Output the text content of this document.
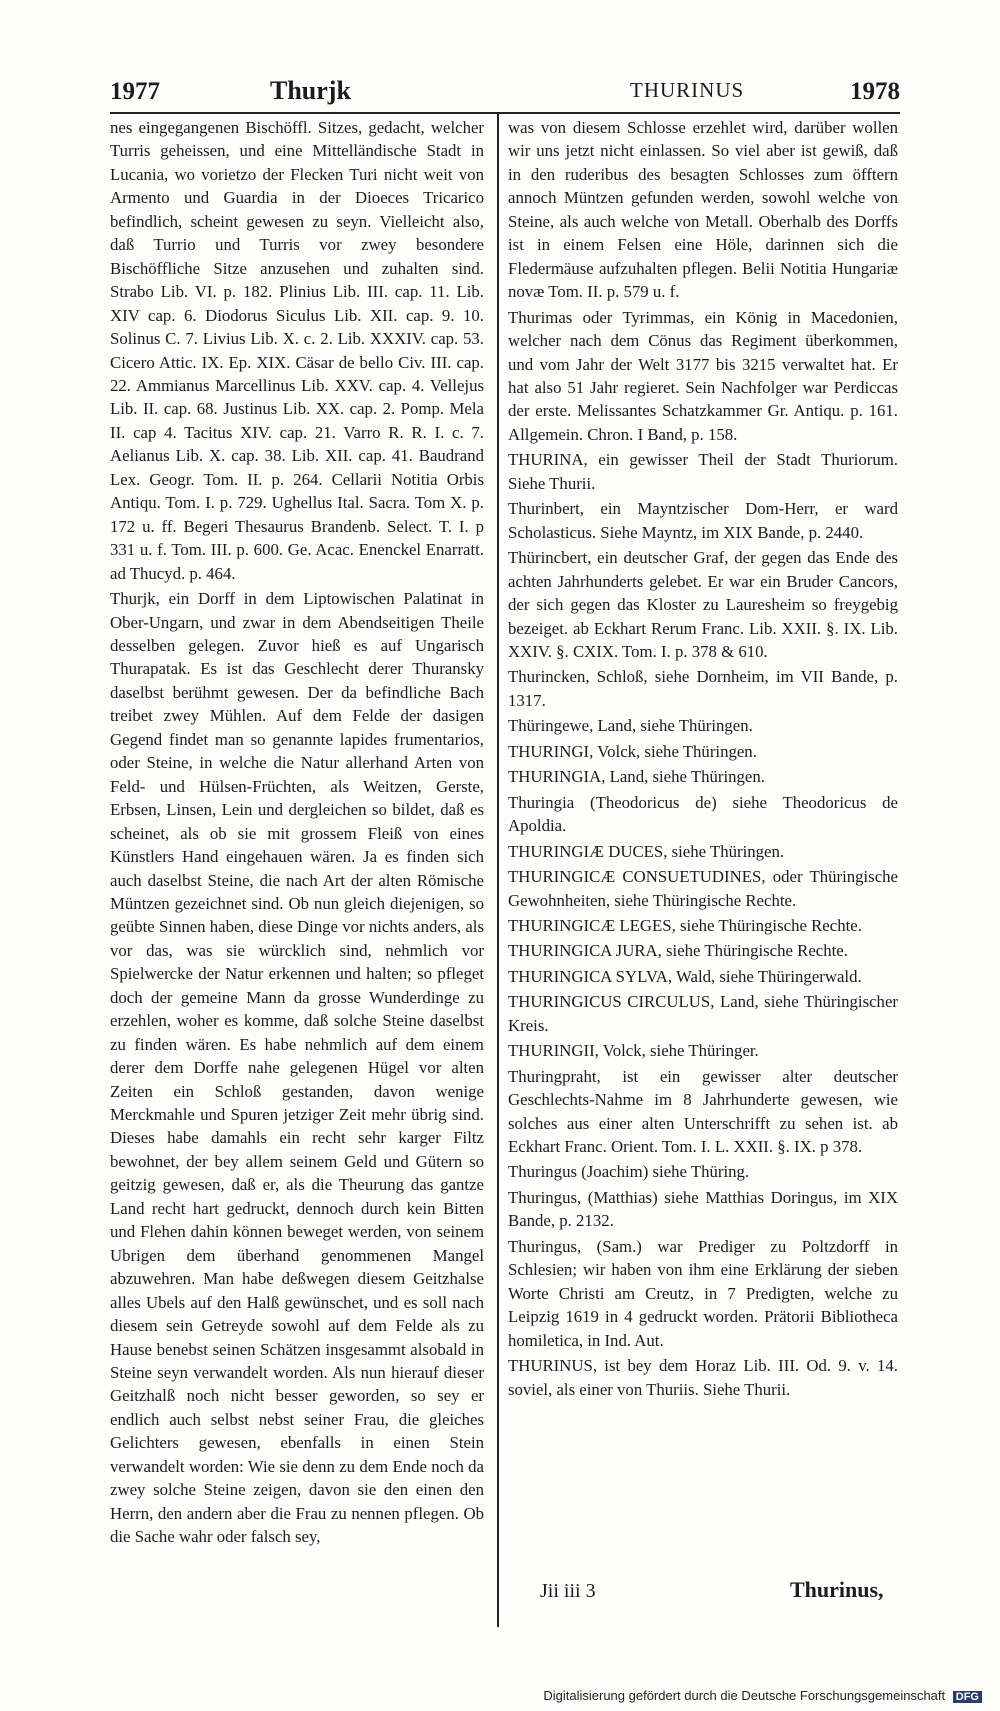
1977	Thurjk	THURINUS	1978

nes eingegangenen Bischöffl. Sitzes, gedacht, welcher Turris geheissen, und eine Mittelländische Stadt in Lucania, wo vorietzo der Flecken Turi nicht weit von Armento und Guardia in der Dioeces Tricarico befindlich, scheint gewesen zu seyn. Vielleicht also, daß Turrio und Turris vor zwey besondere Bischöffliche Sitze anzusehen und zuhalten sind. Strabo Lib. VI. p. 182. Plinius Lib. III. cap. 11. Lib. XIV cap. 6. Diodorus Siculus Lib. XII. cap. 9. 10. Solinus C. 7. Livius Lib. X. c. 2. Lib. XXXIV. cap. 53. Cicero Attic. IX. Ep. XIX. Cäsar de bello Civ. III. cap. 22. Ammianus Marcellinus Lib. XXV. cap. 4. Vellejus Lib. II. cap. 68. Justinus Lib. XX. cap. 2. Pomp. Mela II. cap 4. Tacitus XIV. cap. 21. Varro R. R. I. c. 7. Aelianus Lib. X. cap. 38. Lib. XII. cap. 41. Baudrand Lex. Geogr. Tom. II. p. 264. Cellarii Notitia Orbis Antiqu. Tom. I. p. 729. Ughellus Ital. Sacra. Tom X. p. 172 u. ff. Begeri Thesaurus Brandenb. Select. T. I. p 331 u. f. Tom. III. p. 600. Ge. Acac. Enenckel Enarratt. ad Thucyd. p. 464.

Thurjk, ein Dorff in dem Liptowischen Palatinat in Ober-Ungarn, und zwar in dem Abendseitigen Theile desselben gelegen. Zuvor hieß es auf Ungarisch Thurapatak. Es ist das Geschlecht derer Thuransky daselbst berühmt gewesen. Der da befindliche Bach treibet zwey Mühlen. Auf dem Felde der dasigen Gegend findet man so genannte lapides frumentarios, oder Steine, in welche die Natur allerhand Arten von Feld- und Hülsen-Früchten, als Weitzen, Gerste, Erbsen, Linsen, Lein und dergleichen so bildet, daß es scheinet, als ob sie mit grossem Fleiß von eines Künstlers Hand eingehauen wären. Ja es finden sich auch daselbst Steine, die nach Art der alten Römische Müntzen gezeichnet sind. Ob nun gleich diejenigen, so geübte Sinnen haben, diese Dinge vor nichts anders, als vor das, was sie würcklich sind, nehmlich vor Spielwercke der Natur erkennen und halten; so pfleget doch der gemeine Mann da grosse Wunderdinge zu erzehlen, woher es komme, daß solche Steine daselbst zu finden wären. Es habe nehmlich auf dem einem derer dem Dorffe nahe gelegenen Hügel vor alten Zeiten ein Schloß gestanden, davon wenige Merckmahle und Spuren jetziger Zeit mehr übrig sind. Dieses habe damahls ein recht sehr karger Filtz bewohnet, der bey allem seinem Geld und Gütern so geitzig gewesen, daß er, als die Theurung das gantze Land recht hart gedruckt, dennoch durch kein Bitten und Flehen dahin können beweget werden, von seinem Ubrigen dem überhand genommenen Mangel abzuwehren. Man habe deßwegen diesem Geitzhalse alles Ubels auf den Halß gewünschet, und es soll nach diesem sein Getreyde sowohl auf dem Felde als zu Hause benebst seinen Schätzen insgesammt alsobald in Steine seyn verwandelt worden. Als nun hierauf dieser Geitzhalß noch nicht besser geworden, so sey er endlich auch selbst nebst seiner Frau, die gleiches Gelichters gewesen, ebenfalls in einen Stein verwandelt worden: Wie sie denn zu dem Ende noch da zwey solche Steine zeigen, davon sie den einen den Herrn, den andern aber die Frau zu nennen pflegen. Ob die Sache wahr oder falsch sey,

was von diesem Schlosse erzehlet wird, darüber wollen wir uns jetzt nicht einlassen. So viel aber ist gewiß, daß in den ruderibus des besagten Schlosses zum öfftern annoch Müntzen gefunden werden, sowohl welche von Steine, als auch welche von Metall. Oberhalb des Dorffs ist in einem Felsen eine Höle, darinnen sich die Fledermäuse aufzuhalten pflegen. Belii Notitia Hungariæ novæ Tom. II. p. 579 u. f.

Thurimas oder Tyrimmas, ein König in Macedonien, welcher nach dem Cönus das Regiment überkommen, und vom Jahr der Welt 3177 bis 3215 verwaltet hat. Er hat also 51 Jahr regieret. Sein Nachfolger war Perdiccas der erste. Melissantes Schatzkammer Gr. Antiqu. p. 161. Allgemein. Chron. I Band, p. 158.

THURINA, ein gewisser Theil der Stadt Thuriorum. Siehe Thurii.

Thurinbert, ein Mayntzischer Dom-Herr, er ward Scholasticus. Siehe Mayntz, im XIX Bande, p. 2440.

Thürincbert, ein deutscher Graf, der gegen das Ende des achten Jahrhunderts gelebet. Er war ein Bruder Cancors, der sich gegen das Kloster zu Lauresheim so freygebig bezeiget. ab Eckhart Rerum Franc. Lib. XXII. §. IX. Lib. XXIV. §. CXIX. Tom. I. p. 378 & 610.

Thurincken, Schloß, siehe Dornheim, im VII Bande, p. 1317.

Thüringewe, Land, siehe Thüringen.

THURINGI, Volck, siehe Thüringen.

THURINGIA, Land, siehe Thüringen.

Thuringia (Theodoricus de) siehe Theodoricus de Apoldia.

THURINGIÆ DUCES, siehe Thüringen.

THURINGICÆ CONSUETUDINES, oder Thüringische Gewohnheiten, siehe Thüringische Rechte.

THURINGICÆ LEGES, siehe Thüringische Rechte.

THURINGICA JURA, siehe Thüringische Rechte.

THURINGICA SYLVA, Wald, siehe Thüringerwald.

THURINGICUS CIRCULUS, Land, siehe Thüringischer Kreis.

THURINGII, Volck, siehe Thüringer.

Thuringpraht, ist ein gewisser alter deutscher Geschlechts-Nahme im 8 Jahrhunderte gewesen, wie solches aus einer alten Unterschrifft zu sehen ist. ab Eckhart Franc. Orient. Tom. I. L. XXII. §. IX. p 378.

Thuringus (Joachim) siehe Thüring.

Thuringus, (Matthias) siehe Matthias Doringus, im XIX Bande, p. 2132.

Thuringus, (Sam.) war Prediger zu Poltzdorff in Schlesien; wir haben von ihm eine Erklärung der sieben Worte Christi am Creutz, in 7 Predigten, welche zu Leipzig 1619 in 4 gedruckt worden. Prätorii Bibliotheca homiletica, in Ind. Aut.

THURINUS, ist bey dem Horaz Lib. III. Od. 9. v. 14. soviel, als einer von Thuriis. Siehe Thurii.

Jii iii 3	Thurinus,
Digitalisierung gefördert durch die Deutsche Forschungsgemeinschaft DFG
